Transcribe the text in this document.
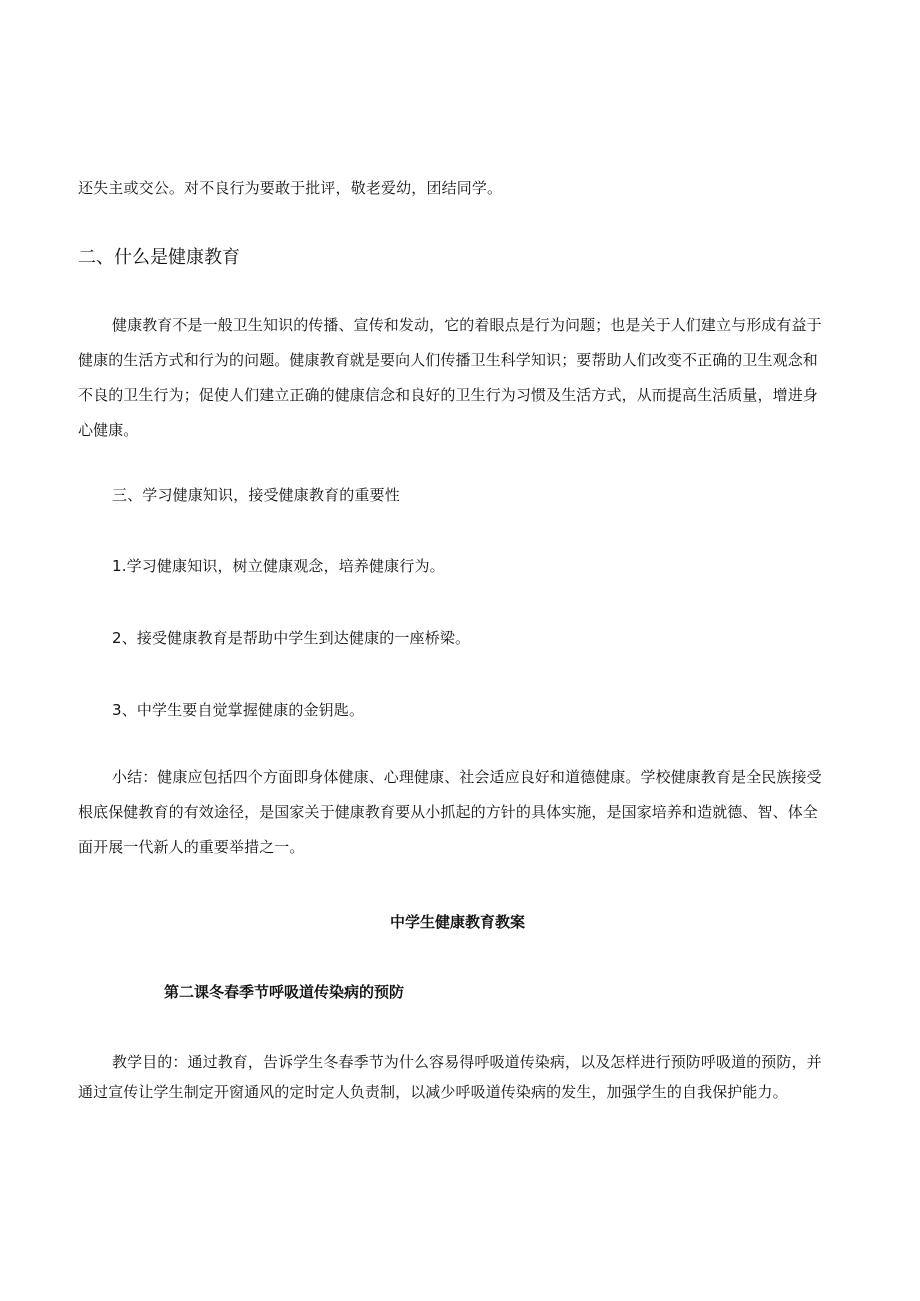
还失主或交公。对不良行为要敢于批评，敬老爱幼，团结同学。
二、什么是健康教育
健康教育不是一般卫生知识的传播、宣传和发动，它的着眼点是行为问题；也是关于人们建立与形成有益于
健康的生活方式和行为的问题。健康教育就是要向人们传播卫生科学知识；要帮助人们改变不正确的卫生观念和
不良的卫生行为；促使人们建立正确的健康信念和良好的卫生行为习惯及生活方式，从而提高生活质量，增进身
心健康。
三、学习健康知识，接受健康教育的重要性
1.学习健康知识，树立健康观念，培养健康行为。
2、接受健康教育是帮助中学生到达健康的一座桥梁。
3、中学生要自觉掌握健康的金钥匙。
小结：健康应包括四个方面即身体健康、心理健康、社会适应良好和道德健康。学校健康教育是全民族接受
根底保健教育的有效途径，是国家关于健康教育要从小抓起的方针的具体实施，是国家培养和造就德、智、体全
面开展一代新人的重要举措之一。
中学生健康教育教案
第二课冬春季节呼吸道传染病的预防
教学目的：通过教育，告诉学生冬春季节为什么容易得呼吸道传染病，以及怎样进行预防呼吸道的预防，并
通过宣传让学生制定开窗通风的定时定人负责制，以减少呼吸道传染病的发生，加强学生的自我保护能力。
